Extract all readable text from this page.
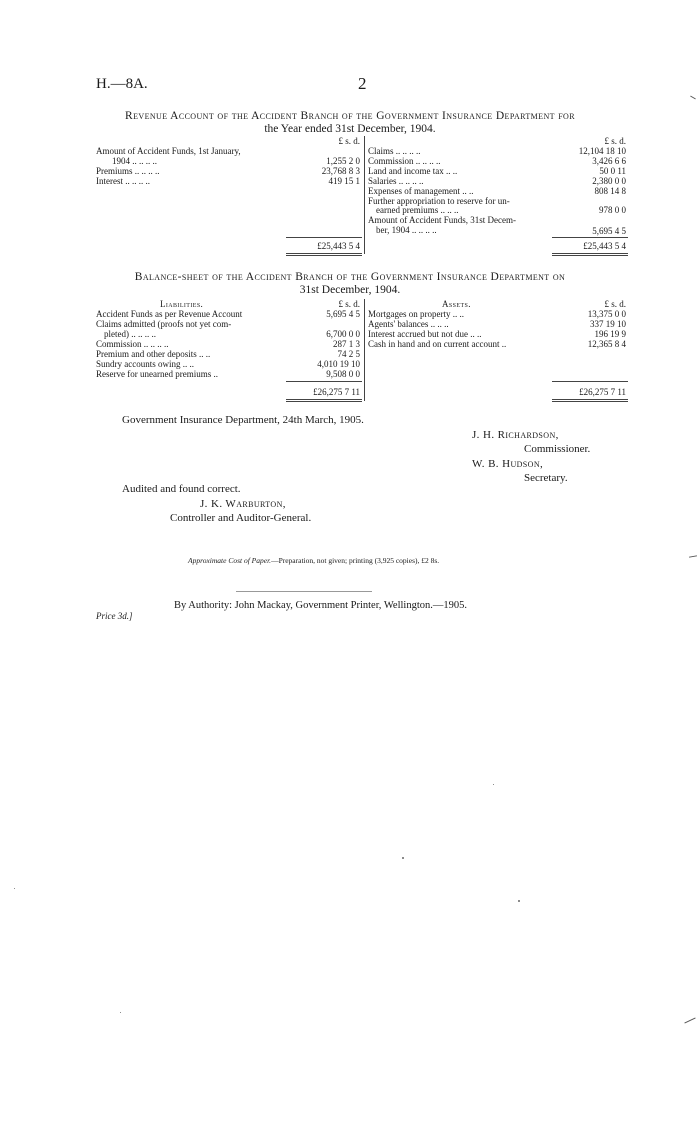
H.—8A.	2
Revenue Account of the Accident Branch of the Government Insurance Department for
the Year ended 31st December, 1904.
£ s. d.	£ s. d.
Amount of Accident Funds, 1st January,
1904 .. .. .. ..	1,255 2 0
Premiums .. .. .. ..	23,768 8 3
Interest .. .. .. ..	419 15 1
Claims .. .. .. ..	12,104 18 10
Commission .. .. .. ..	3,426 6 6
Land and income tax .. ..	50 0 11
Salaries .. .. .. ..	2,380 0 0
Expenses of management .. ..	808 14 8
Further appropriation to reserve for un-
earned premiums .. .. ..	978 0 0
Amount of Accident Funds, 31st Decem-
ber, 1904 .. .. .. ..	5,695 4 5
£25,443 5 4	£25,443 5 4
Balance-sheet of the Accident Branch of the Government Insurance Department on
31st December, 1904.
Liabilities.	£ s. d.	Assets.	£ s. d.
Accident Funds as per Revenue Account	5,695 4 5
Claims admitted (proofs not yet com-
pleted) .. .. .. ..	6,700 0 0
Commission .. .. .. ..	287 1 3
Premium and other deposits .. ..	74 2 5
Sundry accounts owing .. ..	4,010 19 10
Reserve for unearned premiums ..	9,508 0 0
Mortgages on property .. ..	13,375 0 0
Agents' balances .. .. ..	337 19 10
Interest accrued but not due .. ..	196 19 9
Cash in hand and on current account ..	12,365 8 4
£26,275 7 11	£26,275 7 11
Government Insurance Department, 24th March, 1905.
J. H. Richardson,
Commissioner.
W. B. Hudson,
Secretary.
Audited and found correct.
J. K. Warburton,
Controller and Auditor-General.
Approximate Cost of Paper.—Preparation, not given; printing (3,925 copies), £2 8s.
By Authority: John Mackay, Government Printer, Wellington.—1905.
Price 3d.]
